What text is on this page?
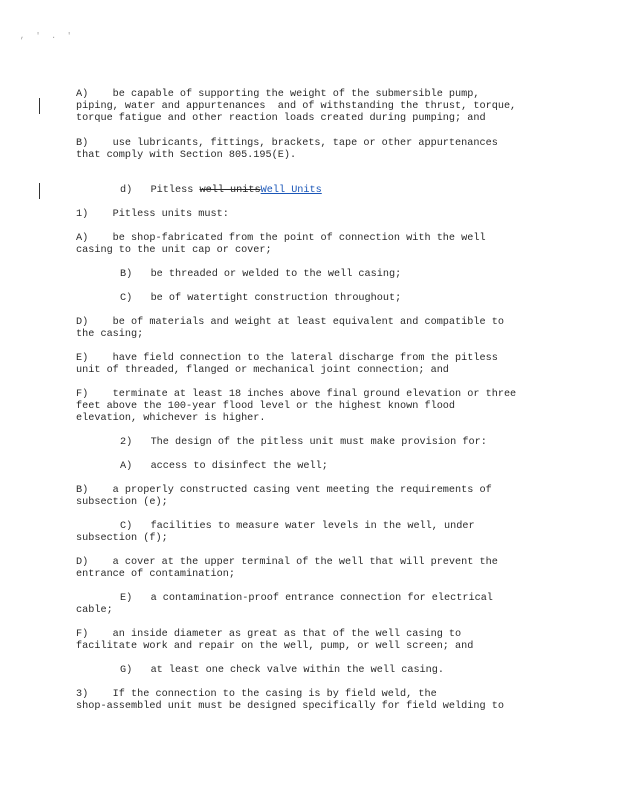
, ' . '
A)    be capable of supporting the weight of the submersible pump,
piping, water and appurtenances  and of withstanding the thrust, torque,
torque fatigue and other reaction loads created during pumping; and
B)    use lubricants, fittings, brackets, tape or other appurtenances
that comply with Section 805.195(E).
d)   Pitless well unitsWell Units
1)    Pitless units must:
A)    be shop-fabricated from the point of connection with the well
casing to the unit cap or cover;
B)   be threaded or welded to the well casing;
C)   be of watertight construction throughout;
D)    be of materials and weight at least equivalent and compatible to
the casing;
E)    have field connection to the lateral discharge from the pitless
unit of threaded, flanged or mechanical joint connection; and
F)    terminate at least 18 inches above final ground elevation or three
feet above the 100-year flood level or the highest known flood
elevation, whichever is higher.
2)   The design of the pitless unit must make provision for:
A)   access to disinfect the well;
B)    a properly constructed casing vent meeting the requirements of
subsection (e);
C)   facilities to measure water levels in the well, under
subsection (f);
D)    a cover at the upper terminal of the well that will prevent the
entrance of contamination;
E)   a contamination-proof entrance connection for electrical
cable;
F)    an inside diameter as great as that of the well casing to
facilitate work and repair on the well, pump, or well screen; and
G)   at least one check valve within the well casing.
3)    If the connection to the casing is by field weld, the
shop-assembled unit must be designed specifically for field welding to
